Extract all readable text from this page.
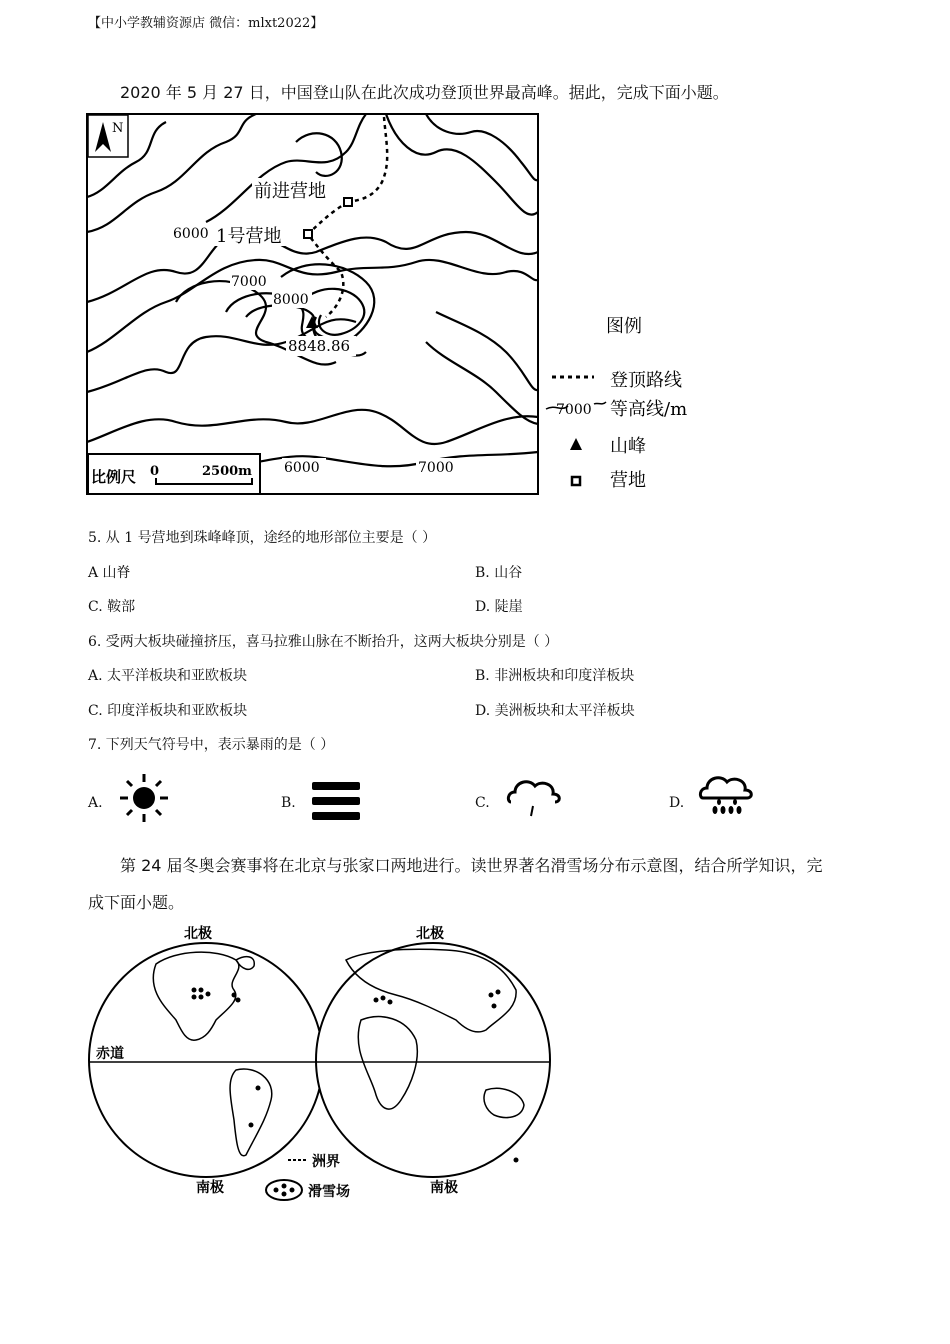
【中小学教辅资源店 微信：mlxt2022】
2020 年 5 月 27 日，中国登山队在此次成功登顶世界最高峰。据此，完成下面小题。
N
前进营地
1号营地
6000
7000
8000
8848.86
6000	7000
比例尺 0	2500m
图例
登顶路线
7000 等高线/m
山峰
营地
5. 从 1 号营地到珠峰峰顶，途经的地形部位主要是（ ）
A 山脊	B. 山谷
C. 鞍部	D. 陡崖
6. 受两大板块碰撞挤压，喜马拉雅山脉在不断抬升，这两大板块分别是（ ）
A. 太平洋板块和亚欧板块	B. 非洲板块和印度洋板块
C. 印度洋板块和亚欧板块	D. 美洲板块和太平洋板块
7. 下列天气符号中，表示暴雨的是（ ）
A.	B.	C.	D.
第 24 届冬奥会赛事将在北京与张家口两地进行。读世界著名滑雪场分布示意图，结合所学知识，完
成下面小题。
北极	北极
南极	南极
赤道
洲界
滑雪场
